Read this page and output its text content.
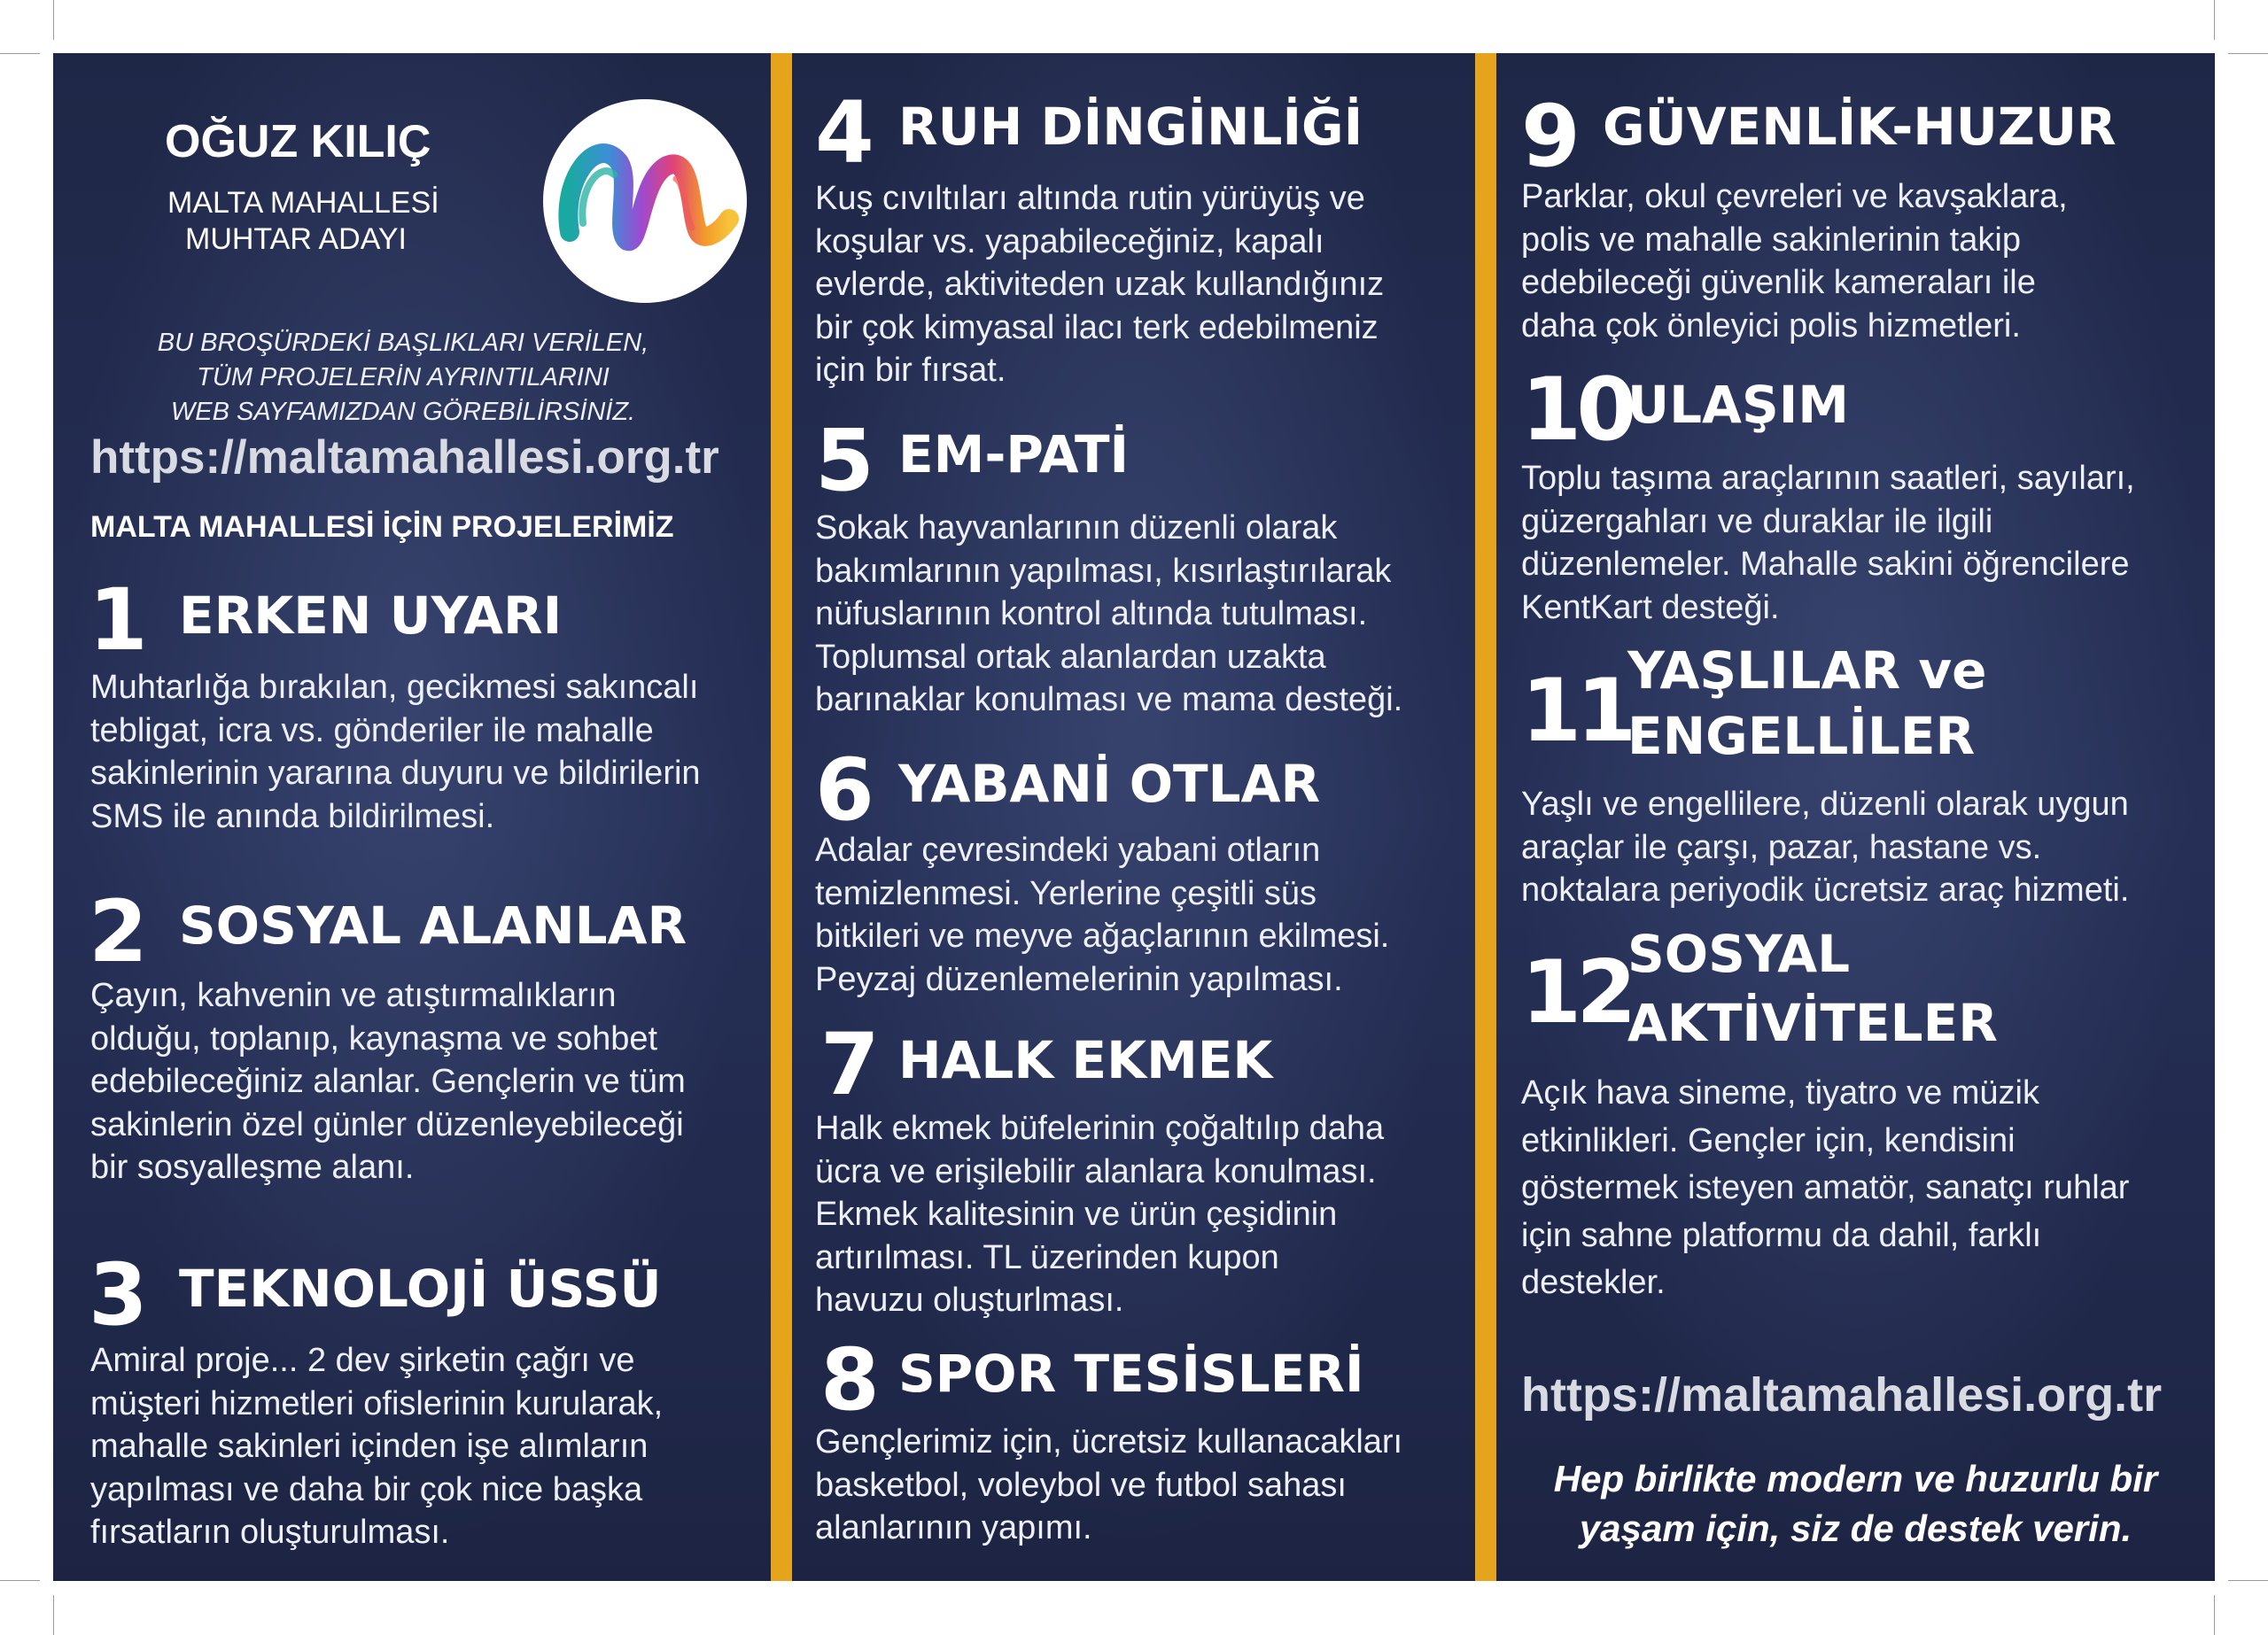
OĞUZ KILIÇ
MALTA MAHALLESİ
MUHTAR ADAYI
BU BROŞÜRDEKİ BAŞLIKLARI VERİLEN,
TÜM PROJELERİN AYRINTILARINI
WEB SAYFAMIZDAN GÖREBİLİRSİNİZ.
https://maltamahallesi.org.tr
MALTA MAHALLESİ İÇİN PROJELERİMİZ
1 ERKEN UYARI
Muhtarlığa bırakılan, gecikmesi sakıncalı
tebligat, icra vs. gönderiler ile mahalle
sakinlerinin yararına duyuru ve bildirilerin
SMS ile anında bildirilmesi.
2 SOSYAL ALANLAR
Çayın, kahvenin ve atıştırmalıkların
olduğu, toplanıp, kaynaşma ve sohbet
edebileceğiniz alanlar. Gençlerin ve tüm
sakinlerin özel günler düzenleyebileceği
bir sosyalleşme alanı.
3 TEKNOLOJİ ÜSSÜ
Amiral proje... 2 dev şirketin çağrı ve
müşteri hizmetleri ofislerinin kurularak,
mahalle sakinleri içinden işe alımların
yapılması ve daha bir çok nice başka
fırsatların oluşturulması.
4 RUH DİNGİNLİĞİ
Kuş cıvıltıları altında rutin yürüyüş ve
koşular vs. yapabileceğiniz, kapalı
evlerde, aktiviteden uzak kullandığınız
bir çok kimyasal ilacı terk edebilmeniz
için bir fırsat.
5 EM-PATİ
Sokak hayvanlarının düzenli olarak
bakımlarının yapılması, kısırlaştırılarak
nüfuslarının kontrol altında tutulması.
Toplumsal ortak alanlardan uzakta
barınaklar konulması ve mama desteği.
6 YABANİ OTLAR
Adalar çevresindeki yabani otların
temizlenmesi. Yerlerine çeşitli süs
bitkileri ve meyve ağaçlarının ekilmesi.
Peyzaj düzenlemelerinin yapılması.
7 HALK EKMEK
Halk ekmek büfelerinin çoğaltılıp daha
ücra ve erişilebilir alanlara konulması.
Ekmek kalitesinin ve ürün çeşidinin
artırılması. TL üzerinden kupon
havuzu oluşturlması.
8 SPOR TESİSLERİ
Gençlerimiz için, ücretsiz kullanacakları
basketbol, voleybol ve futbol sahası
alanlarının yapımı.
9 GÜVENLİK-HUZUR
Parklar, okul çevreleri ve kavşaklara,
polis ve mahalle sakinlerinin takip
edebileceği güvenlik kameraları ile
daha çok önleyici polis hizmetleri.
10
ULAŞIM
Toplu taşıma araçlarının saatleri, sayıları,
güzergahları ve duraklar ile ilgili
düzenlemeler. Mahalle sakini öğrencilere
KentKart desteği.
11
YAŞLILAR ve
ENGELLİLER
Yaşlı ve engellilere, düzenli olarak uygun
araçlar ile çarşı, pazar, hastane vs.
noktalara periyodik ücretsiz araç hizmeti.
12
SOSYAL
AKTİVİTELER
Açık hava sineme, tiyatro ve müzik
etkinlikleri. Gençler için, kendisini
göstermek isteyen amatör, sanatçı ruhlar
için sahne platformu da dahil, farklı
destekler.
https://maltamahallesi.org.tr
Hep birlikte modern ve huzurlu bir
yaşam için, siz de destek verin.
